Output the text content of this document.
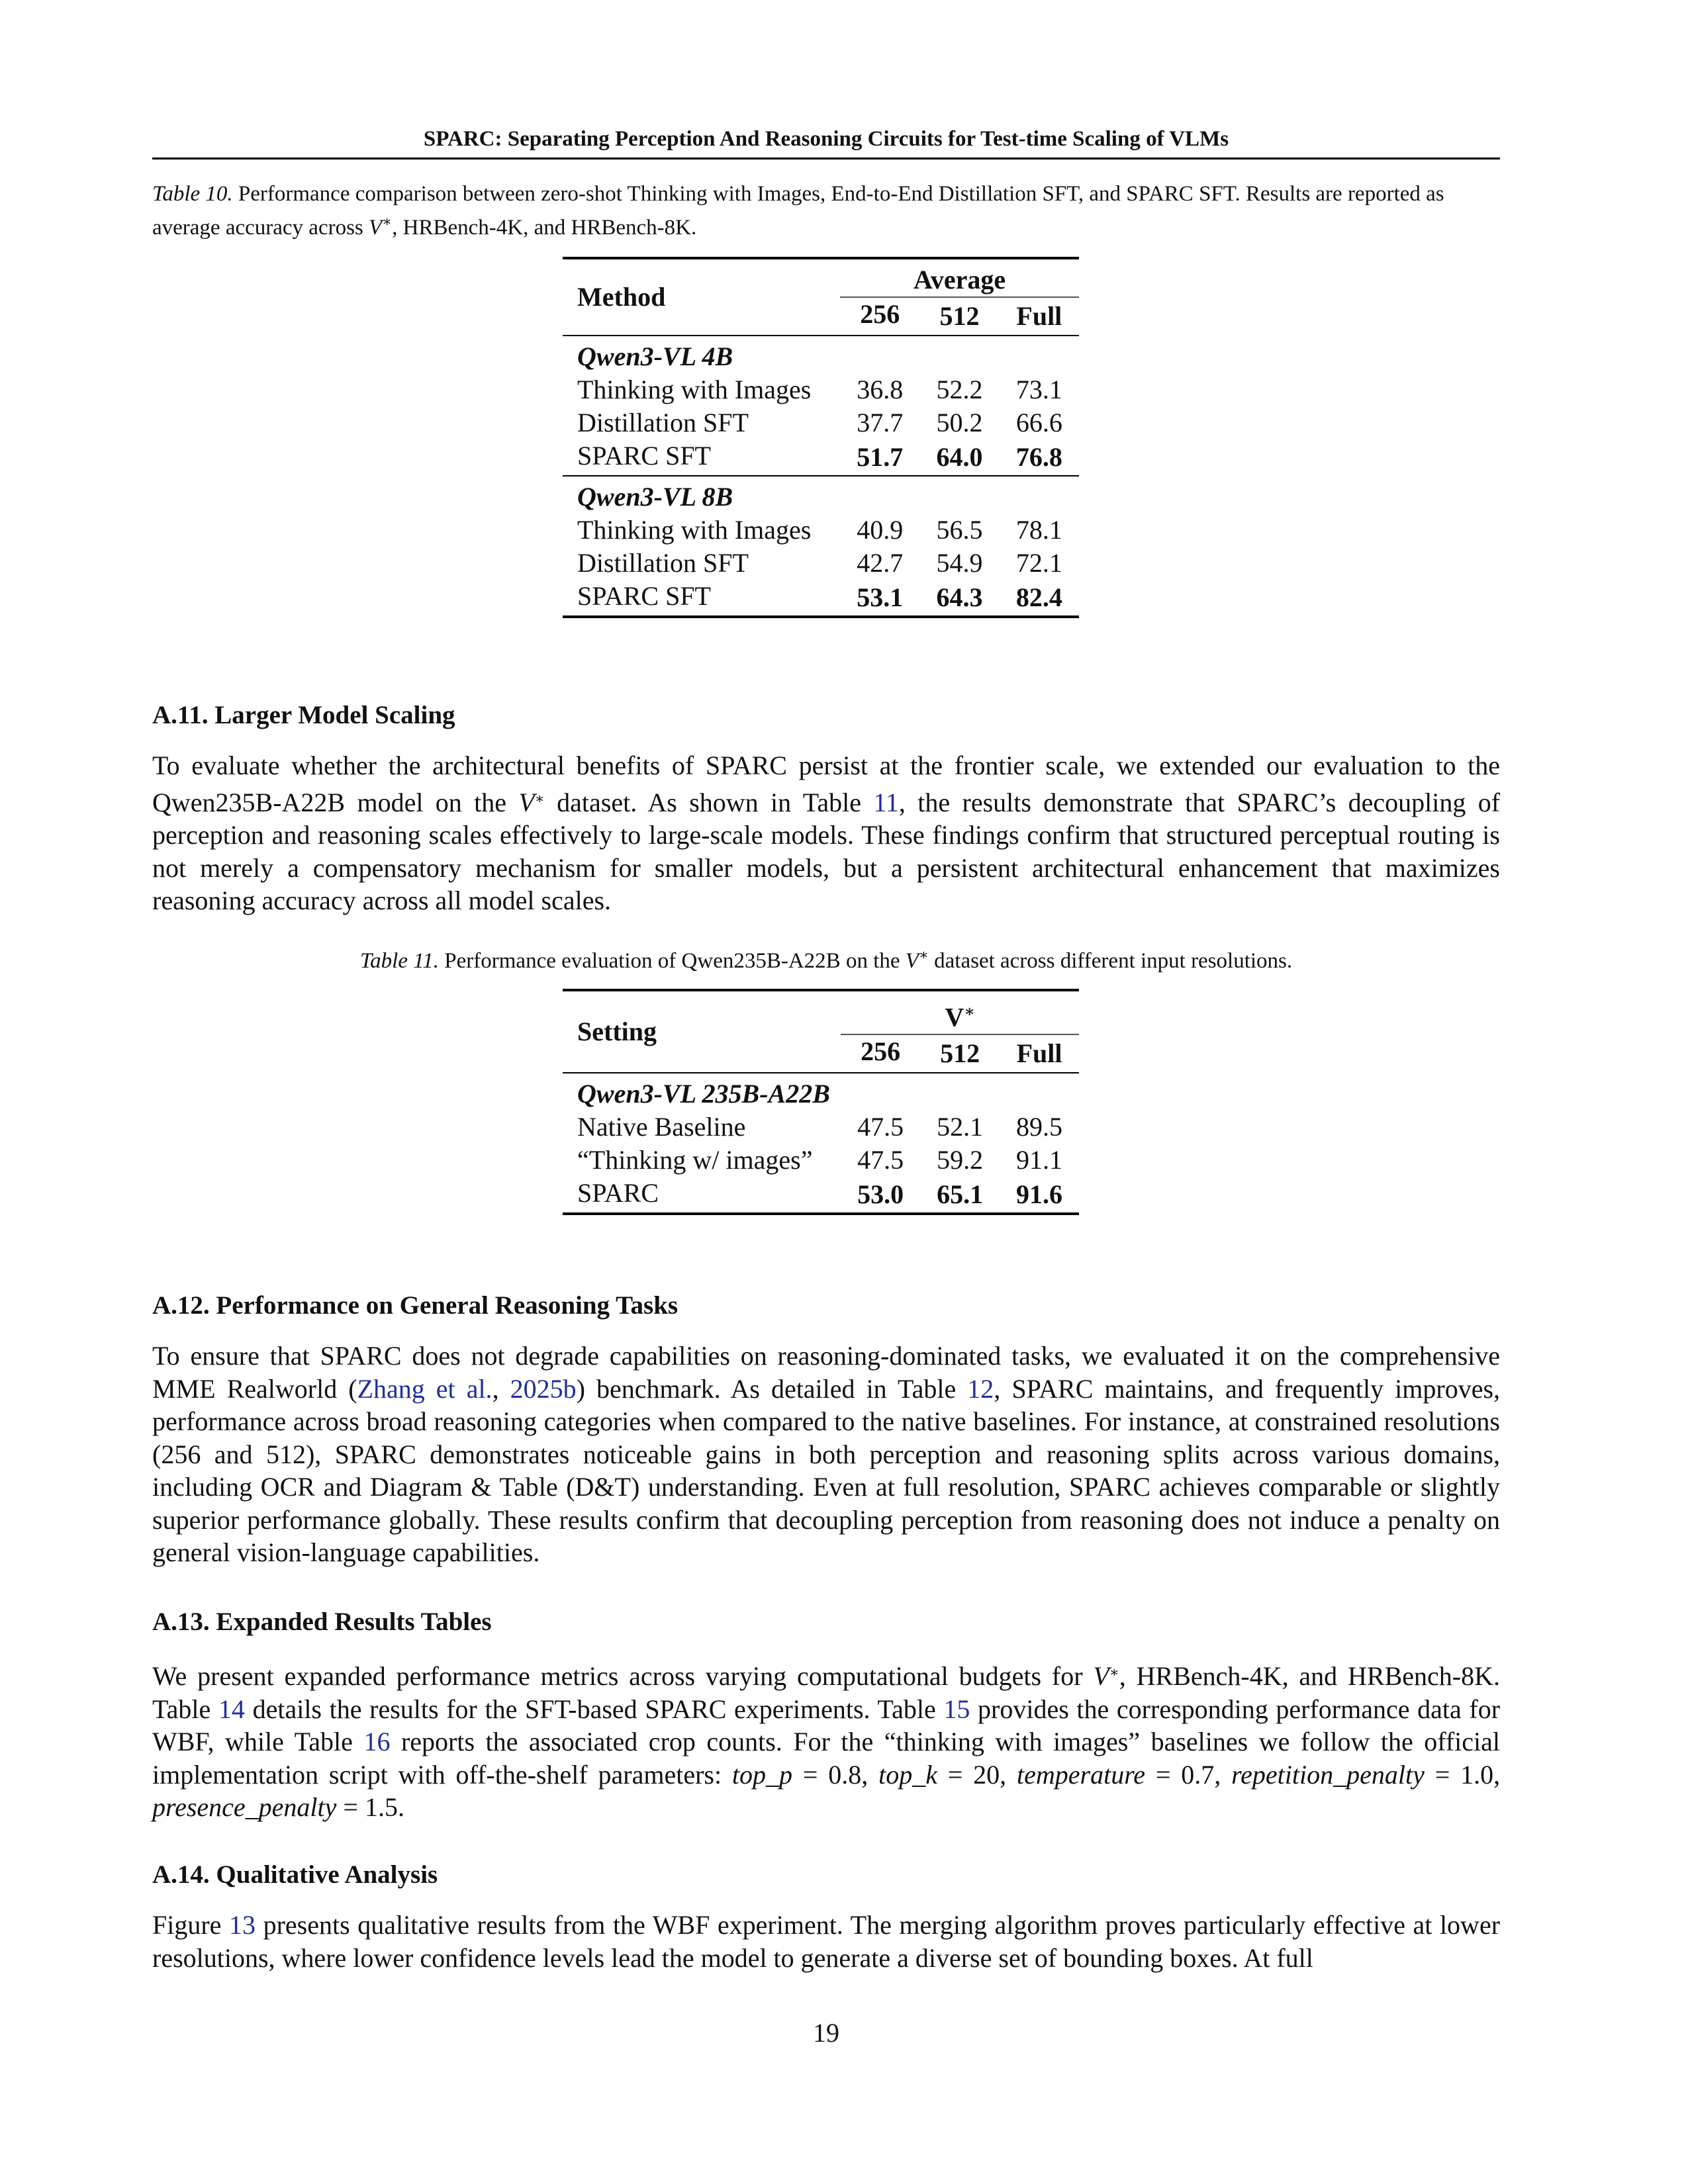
SPARC: Separating Perception And Reasoning Circuits for Test-time Scaling of VLMs
Table 10. Performance comparison between zero-shot Thinking with Images, End-to-End Distillation SFT, and SPARC SFT. Results are reported as average accuracy across V∗, HRBench-4K, and HRBench-8K.
Method	Average		
	256	512	Full
Qwen3-VL 4B			
Thinking with Images	36.8	52.2	73.1
Distillation SFT	37.7	50.2	66.6
SPARC SFT	51.7	64.0	76.8
Qwen3-VL 8B			
Thinking with Images	40.9	56.5	78.1
Distillation SFT	42.7	54.9	72.1
SPARC SFT	53.1	64.3	82.4
A.11. Larger Model Scaling
To evaluate whether the architectural benefits of SPARC persist at the frontier scale, we extended our evaluation to the Qwen235B-A22B model on the V∗ dataset. As shown in Table 11, the results demonstrate that SPARC’s decoupling of perception and reasoning scales effectively to large-scale models. These findings confirm that structured perceptual routing is not merely a compensatory mechanism for smaller models, but a persistent architectural enhancement that maximizes reasoning accuracy across all model scales.
Table 11. Performance evaluation of Qwen235B-A22B on the V∗ dataset across different input resolutions.
Setting	V∗
	256	512	Full
Qwen3-VL 235B-A22B			
Native Baseline	47.5	52.1	89.5
“Thinking w/ images”	47.5	59.2	91.1
SPARC	53.0	65.1	91.6
A.12. Performance on General Reasoning Tasks
To ensure that SPARC does not degrade capabilities on reasoning-dominated tasks, we evaluated it on the comprehensive MME Realworld (Zhang et al., 2025b) benchmark. As detailed in Table 12, SPARC maintains, and frequently improves, performance across broad reasoning categories when compared to the native baselines. For instance, at constrained resolutions (256 and 512), SPARC demonstrates noticeable gains in both perception and reasoning splits across various domains, including OCR and Diagram & Table (D&T) understanding. Even at full resolution, SPARC achieves comparable or slightly superior performance globally. These results confirm that decoupling perception from reasoning does not induce a penalty on general vision-language capabilities.
A.13. Expanded Results Tables
We present expanded performance metrics across varying computational budgets for V∗, HRBench-4K, and HRBench-8K. Table 14 details the results for the SFT-based SPARC experiments. Table 15 provides the corresponding performance data for WBF, while Table 16 reports the associated crop counts. For the “thinking with images” baselines we follow the official implementation script with off-the-shelf parameters: top_p = 0.8, top_k = 20, temperature = 0.7, repetition_penalty = 1.0, presence_penalty = 1.5.
A.14. Qualitative Analysis
Figure 13 presents qualitative results from the WBF experiment. The merging algorithm proves particularly effective at lower resolutions, where lower confidence levels lead the model to generate a diverse set of bounding boxes. At full
19
